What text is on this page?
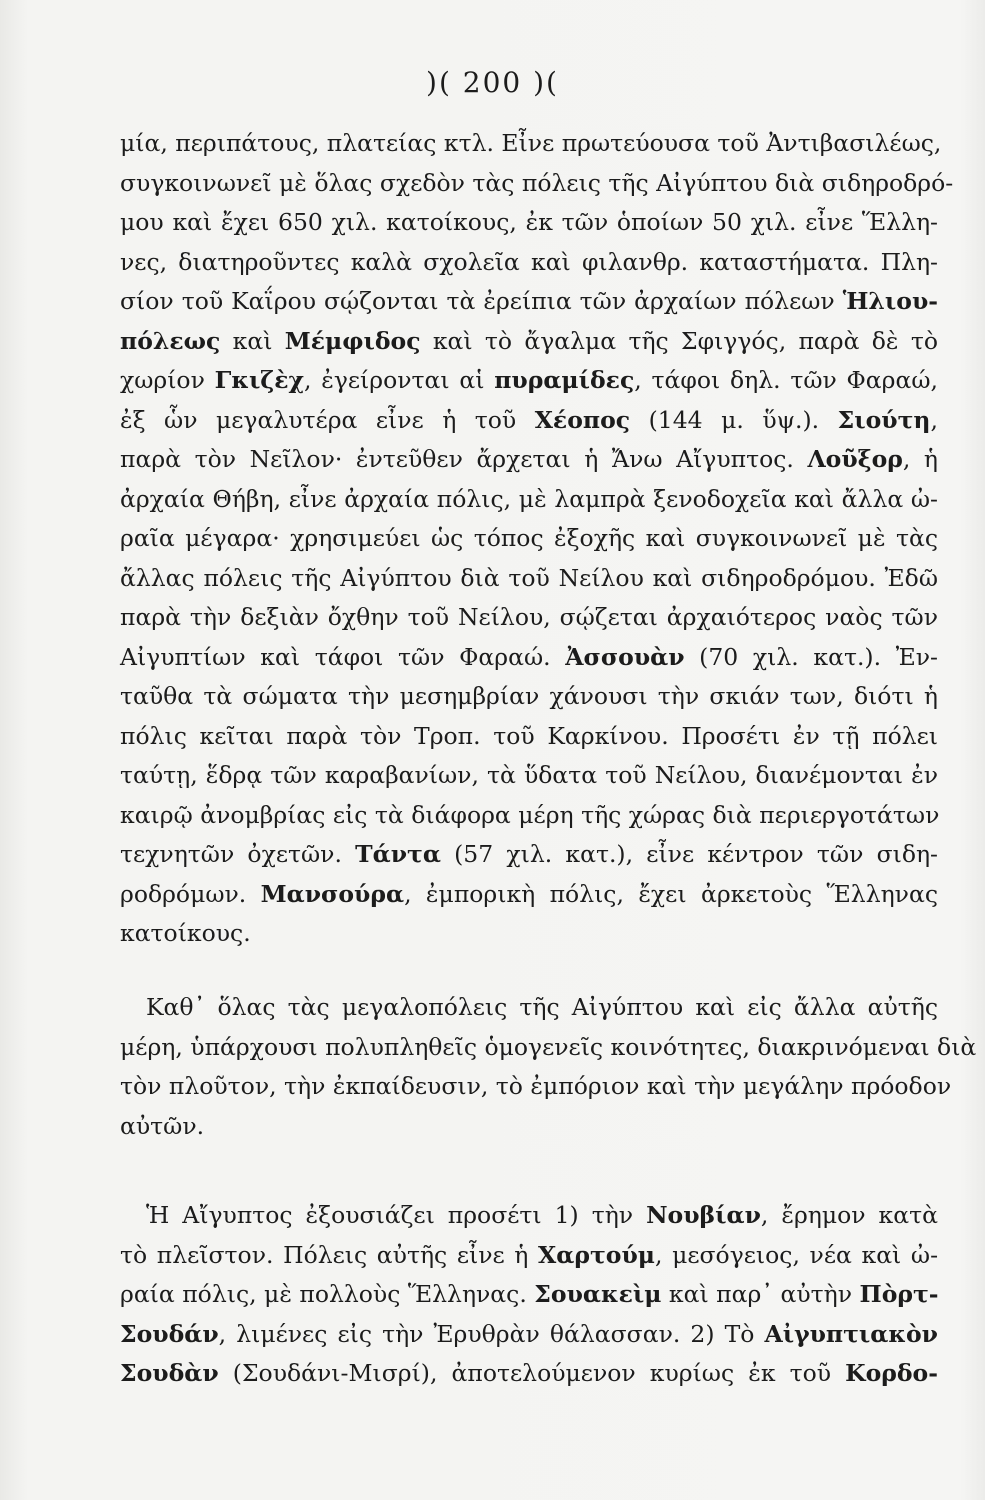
)( 200 )(
μία, περιπάτους, πλατείας κτλ. Εἶνε πρωτεύουσα τοῦ Ἀντιβασιλέως,
συγκοινωνεῖ μὲ ὅλας σχεδὸν τὰς πόλεις τῆς Αἰγύπτου διὰ σιδηροδρό-
μου καὶ ἔχει 650 χιλ. κατοίκους, ἐκ τῶν ὁποίων 50 χιλ. εἶνε Ἕλλη-
νες, διατηροῦντες καλὰ σχολεῖα καὶ φιλανθρ. καταστήματα. Πλη-
σίον τοῦ Καΐρου σῴζονται τὰ ἐρείπια τῶν ἀρχαίων πόλεων Ἡλιου-
πόλεως καὶ Μέμφιδος καὶ τὸ ἄγαλμα τῆς Σφιγγός, παρὰ δὲ τὸ
χωρίον Γκιζὲχ, ἐγείρονται αἱ πυραμίδες, τάφοι δηλ. τῶν Φαραώ,
ἐξ ὧν μεγαλυτέρα εἶνε ἡ τοῦ Χέοπος (144 μ. ὕψ.). Σιούτη,
παρὰ τὸν Νεῖλον· ἐντεῦθεν ἄρχεται ἡ Ἄνω Αἴγυπτος. Λοῦξορ, ἡ
ἀρχαία Θήβη, εἶνε ἀρχαία πόλις, μὲ λαμπρὰ ξενοδοχεῖα καὶ ἄλλα ὠ-
ραῖα μέγαρα· χρησιμεύει ὡς τόπος ἐξοχῆς καὶ συγκοινωνεῖ μὲ τὰς
ἄλλας πόλεις τῆς Αἰγύπτου διὰ τοῦ Νείλου καὶ σιδηροδρόμου. Ἐδῶ
παρὰ τὴν δεξιὰν ὄχθην τοῦ Νείλου, σῴζεται ἀρχαιότερος ναὸς τῶν
Αἰγυπτίων καὶ τάφοι τῶν Φαραώ. Ἀσσουὰν (70 χιλ. κατ.). Ἐν-
ταῦθα τὰ σώματα τὴν μεσημβρίαν χάνουσι τὴν σκιάν των, διότι ἡ
πόλις κεῖται παρὰ τὸν Τροπ. τοῦ Καρκίνου. Προσέτι ἐν τῇ πόλει
ταύτῃ, ἕδρᾳ τῶν καραβανίων, τὰ ὕδατα τοῦ Νείλου, διανέμονται ἐν
καιρῷ ἀνομβρίας εἰς τὰ διάφορα μέρη τῆς χώρας διὰ περιεργοτάτων
τεχνητῶν ὀχετῶν. Τάντα (57 χιλ. κατ.), εἶνε κέντρον τῶν σιδη-
ροδρόμων. Μανσούρα, ἐμπορικὴ πόλις, ἔχει ἀρκετοὺς Ἕλληνας
κατοίκους.
Καθ᾽ ὅλας τὰς μεγαλοπόλεις τῆς Αἰγύπτου καὶ εἰς ἄλλα αὐτῆς
μέρη, ὑπάρχουσι πολυπληθεῖς ὁμογενεῖς κοινότητες, διακρινόμεναι διὰ
τὸν πλοῦτον, τὴν ἐκπαίδευσιν, τὸ ἐμπόριον καὶ τὴν μεγάλην πρόοδον
αὐτῶν.
Ἡ Αἴγυπτος ἐξουσιάζει προσέτι 1) τὴν Νουβίαν, ἔρημον κατὰ
τὸ πλεῖστον. Πόλεις αὐτῆς εἶνε ἡ Χαρτούμ, μεσόγειος, νέα καὶ ὠ-
ραία πόλις, μὲ πολλοὺς Ἕλληνας. Σουακεὶμ καὶ παρ᾽ αὐτὴν Πὸρτ-
Σουδάν, λιμένες εἰς τὴν Ἐρυθρὰν θάλασσαν. 2) Τὸ Αἰγυπτιακὸν
Σουδὰν (Σουδάνι-Μισρί), ἀποτελούμενον κυρίως ἐκ τοῦ Κορδο-
